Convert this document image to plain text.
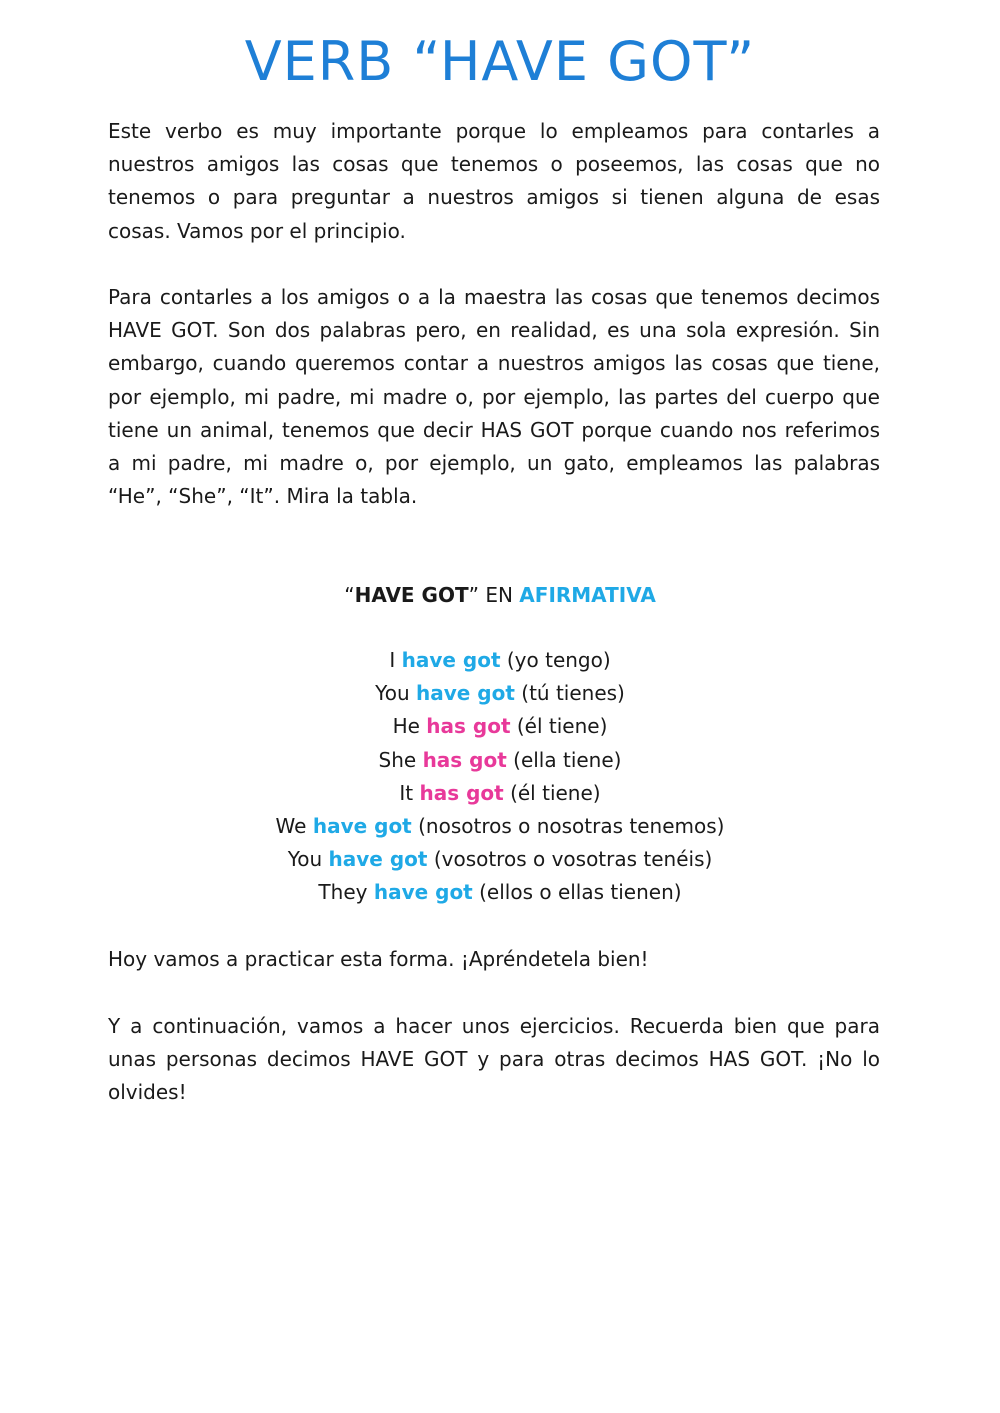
VERB “HAVE GOT”

Este verbo es muy importante porque lo empleamos para contarles a nuestros amigos las cosas que tenemos o poseemos, las cosas que no tenemos o para preguntar a nuestros amigos si tienen alguna de esas cosas. Vamos por el principio.

Para contarles a los amigos o a la maestra las cosas que tenemos decimos HAVE GOT. Son dos palabras pero, en realidad, es una sola expresión. Sin embargo, cuando queremos contar a nuestros amigos las cosas que tiene, por ejemplo, mi padre, mi madre o, por ejemplo, las partes del cuerpo que tiene un animal, tenemos que decir HAS GOT porque cuando nos referimos a mi padre, mi madre o, por ejemplo, un gato, empleamos las palabras “He”, “She”, “It”. Mira la tabla.

“HAVE GOT” EN AFIRMATIVA
I have got (yo tengo)
You have got (tú tienes)
He has got (él tiene)
She has got (ella tiene)
It has got (él tiene)
We have got (nosotros o nosotras tenemos)
You have got (vosotros o vosotras tenéis)
They have got (ellos o ellas tienen)

Hoy vamos a practicar esta forma. ¡Apréndetela bien!

Y a continuación, vamos a hacer unos ejercicios. Recuerda bien que para unas personas decimos HAVE GOT y para otras decimos HAS GOT. ¡No lo olvides!
